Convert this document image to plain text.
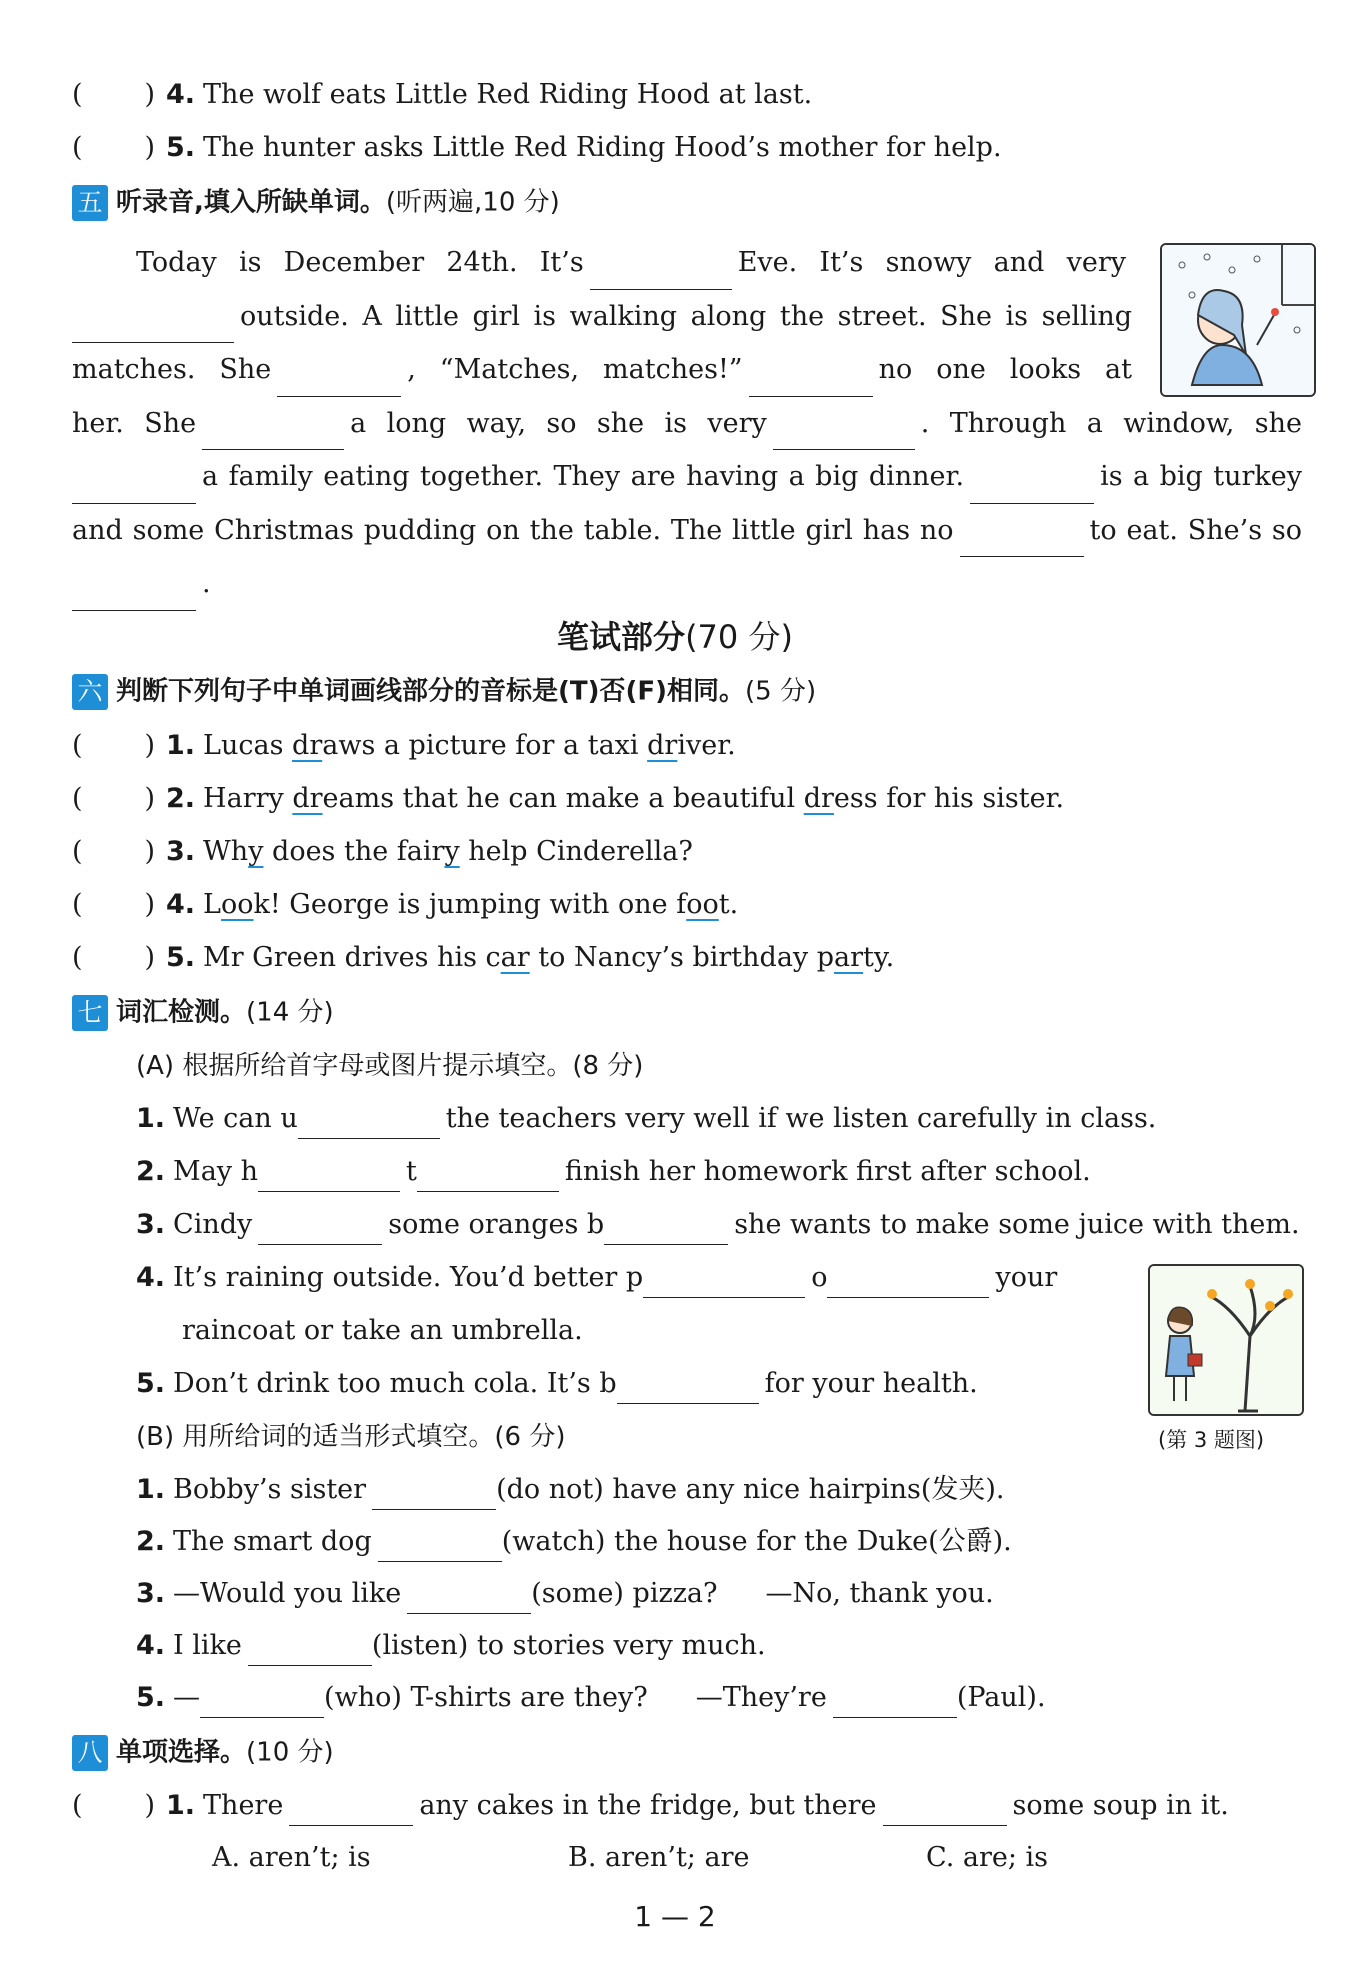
( ) 4. The wolf eats Little Red Riding Hood at last.
( ) 5. The hunter asks Little Red Riding Hood’s mother for help.
五 听录音,填入所缺单词。(听两遍,10 分)
Today is December 24th. It’s	Eve. It’s snowy and very
outside. A little girl is walking along the street. She is selling
matches. She	, “Matches, matches!”	no one looks at
her. She	a long way, so she is very	. Through a window, she
a family eating together. They are having a big dinner.	is a big turkey
and some Christmas pudding on the table. The little girl has no	to eat. She’s so
.
笔试部分(70 分)
六 判断下列句子中单词画线部分的音标是(T)否(F)相同。(5 分)
( ) 1. Lucas draws a picture for a taxi driver.
( ) 2. Harry dreams that he can make a beautiful dress for his sister.
( ) 3. Why does the fairy help Cinderella?
( ) 4. Look! George is jumping with one foot.
( ) 5. Mr Green drives his car to Nancy’s birthday party.
七 词汇检测。(14 分)
(A) 根据所给首字母或图片提示填空。(8 分)
1. We can u	the teachers very well if we listen carefully in class.
2. May h	t	finish her homework first after school.
3. Cindy	some oranges b	she wants to make some juice with them.
4. It’s raining outside. You’d better p	o	your
raincoat or take an umbrella.
5. Don’t drink too much cola. It’s b	for your health.
(第 3 题图)
(B) 用所给词的适当形式填空。(6 分)
1. Bobby’s sister	(do not) have any nice hairpins(发夹).
2. The smart dog	(watch) the house for the Duke(公爵).
3. —Would you like	(some) pizza? —No, thank you.
4. I like	(listen) to stories very much.
5. —	(who) T-shirts are they? —They’re	(Paul).
八 单项选择。(10 分)
( ) 1. There	any cakes in the fridge, but there	some soup in it.
A. aren’t; is	B. aren’t; are	C. are; is
1 — 2
